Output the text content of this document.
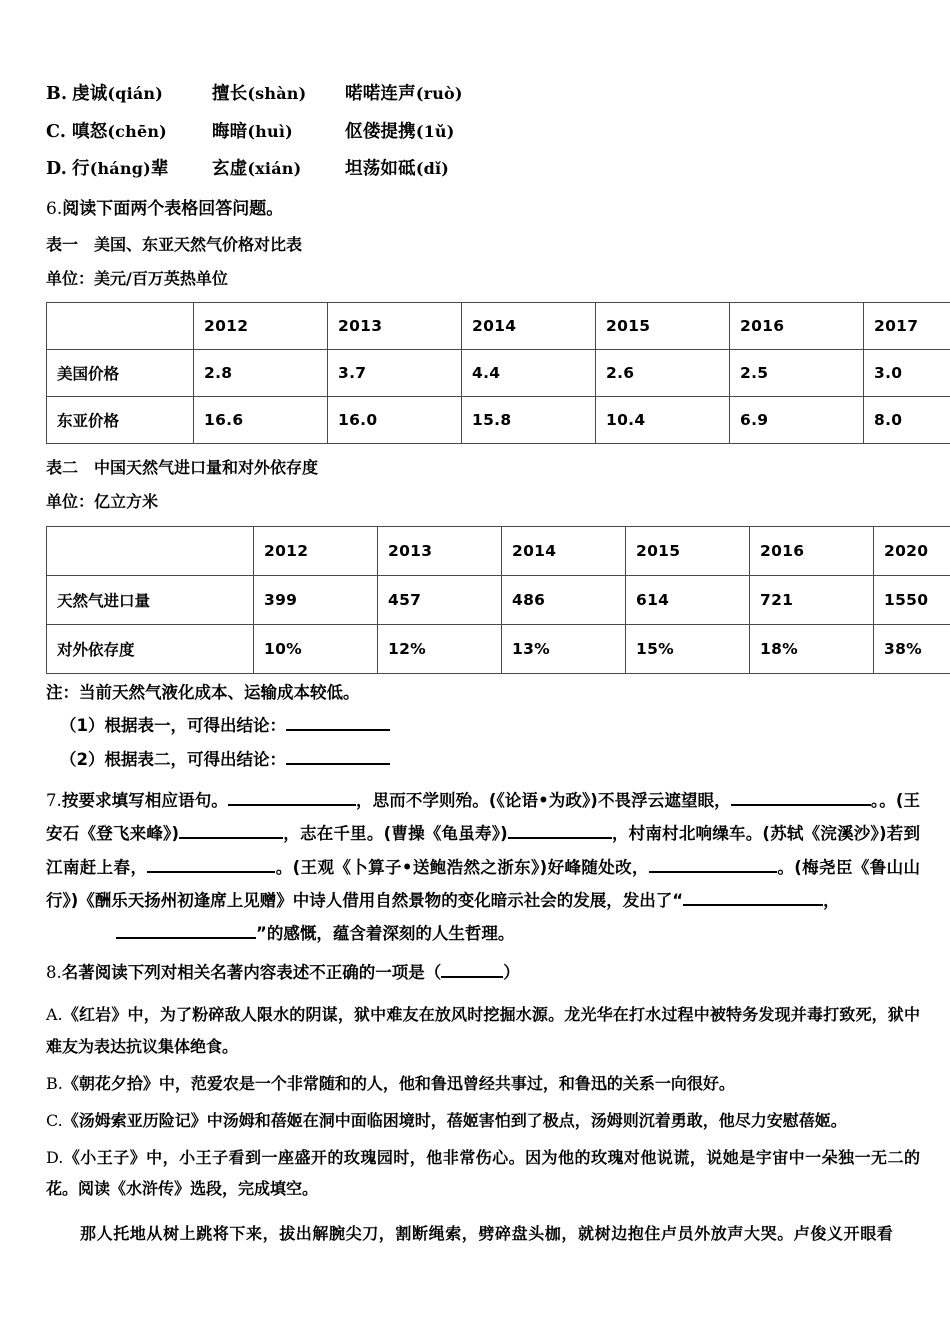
B. 虔诚(qián)	擅长(shàn)	喏喏连声(ruò)
C. 嗔怒(chēn)	晦暗(huì)	伛偻提携(1ǔ)
D. 行(háng)辈	玄虚(xián)	坦荡如砥(dǐ)

6.阅读下面两个表格回答问题。

表一　美国、东亚天然气价格对比表

单位：美元/百万英热单位

	2012	2013	2014	2015	2016	2017
美国价格	2.8	3.7	4.4	2.6	2.5	3.0
东亚价格	16.6	16.0	15.8	10.4	6.9	8.0

表二　中国天然气进口量和对外依存度

单位：亿立方米

	2012	2013	2014	2015	2016	2020
天然气进口量	399	457	486	614	721	1550
对外依存度	10%	12%	13%	15%	18%	38%

注：当前天然气液化成本、运输成本较低。

（1）根据表一，可得出结论：

（2）根据表二，可得出结论：

7.按要求填写相应语句。	，思而不学则殆。(《论语•为政》)不畏浮云遮望眼，	。。(王安石《登飞来峰》)	，志在千里。(曹操《龟虽寿》)	，村南村北响缲车。(苏轼《浣溪沙》)若到江南赶上春，	。(王观《卜算子•送鲍浩然之浙东》)好峰随处改，	。(梅尧臣《鲁山山行》)《酬乐天扬州初逢席上见赠》中诗人借用自然景物的变化暗示社会的发展，发出了“	，
”的感慨，蕴含着深刻的人生哲理。

8.名著阅读下列对相关名著内容表述不正确的一项是（	）

A.《红岩》中，为了粉碎敌人限水的阴谋，狱中难友在放风时挖掘水源。龙光华在打水过程中被特务发现并毒打致死，狱中难友为表达抗议集体绝食。

B.《朝花夕拾》中，范爱农是一个非常随和的人，他和鲁迅曾经共事过，和鲁迅的关系一向很好。

C.《汤姆索亚历险记》中汤姆和蓓姬在洞中面临困境时，蓓姬害怕到了极点，汤姆则沉着勇敢，他尽力安慰蓓姬。

D.《小王子》中，小王子看到一座盛开的玫瑰园时，他非常伤心。因为他的玫瑰对他说谎，说她是宇宙中一朵独一无二的花。阅读《水浒传》选段，完成填空。

那人托地从树上跳将下来，拔出解腕尖刀，割断绳索，劈碎盘头枷，就树边抱住卢员外放声大哭。卢俊义开眼看
